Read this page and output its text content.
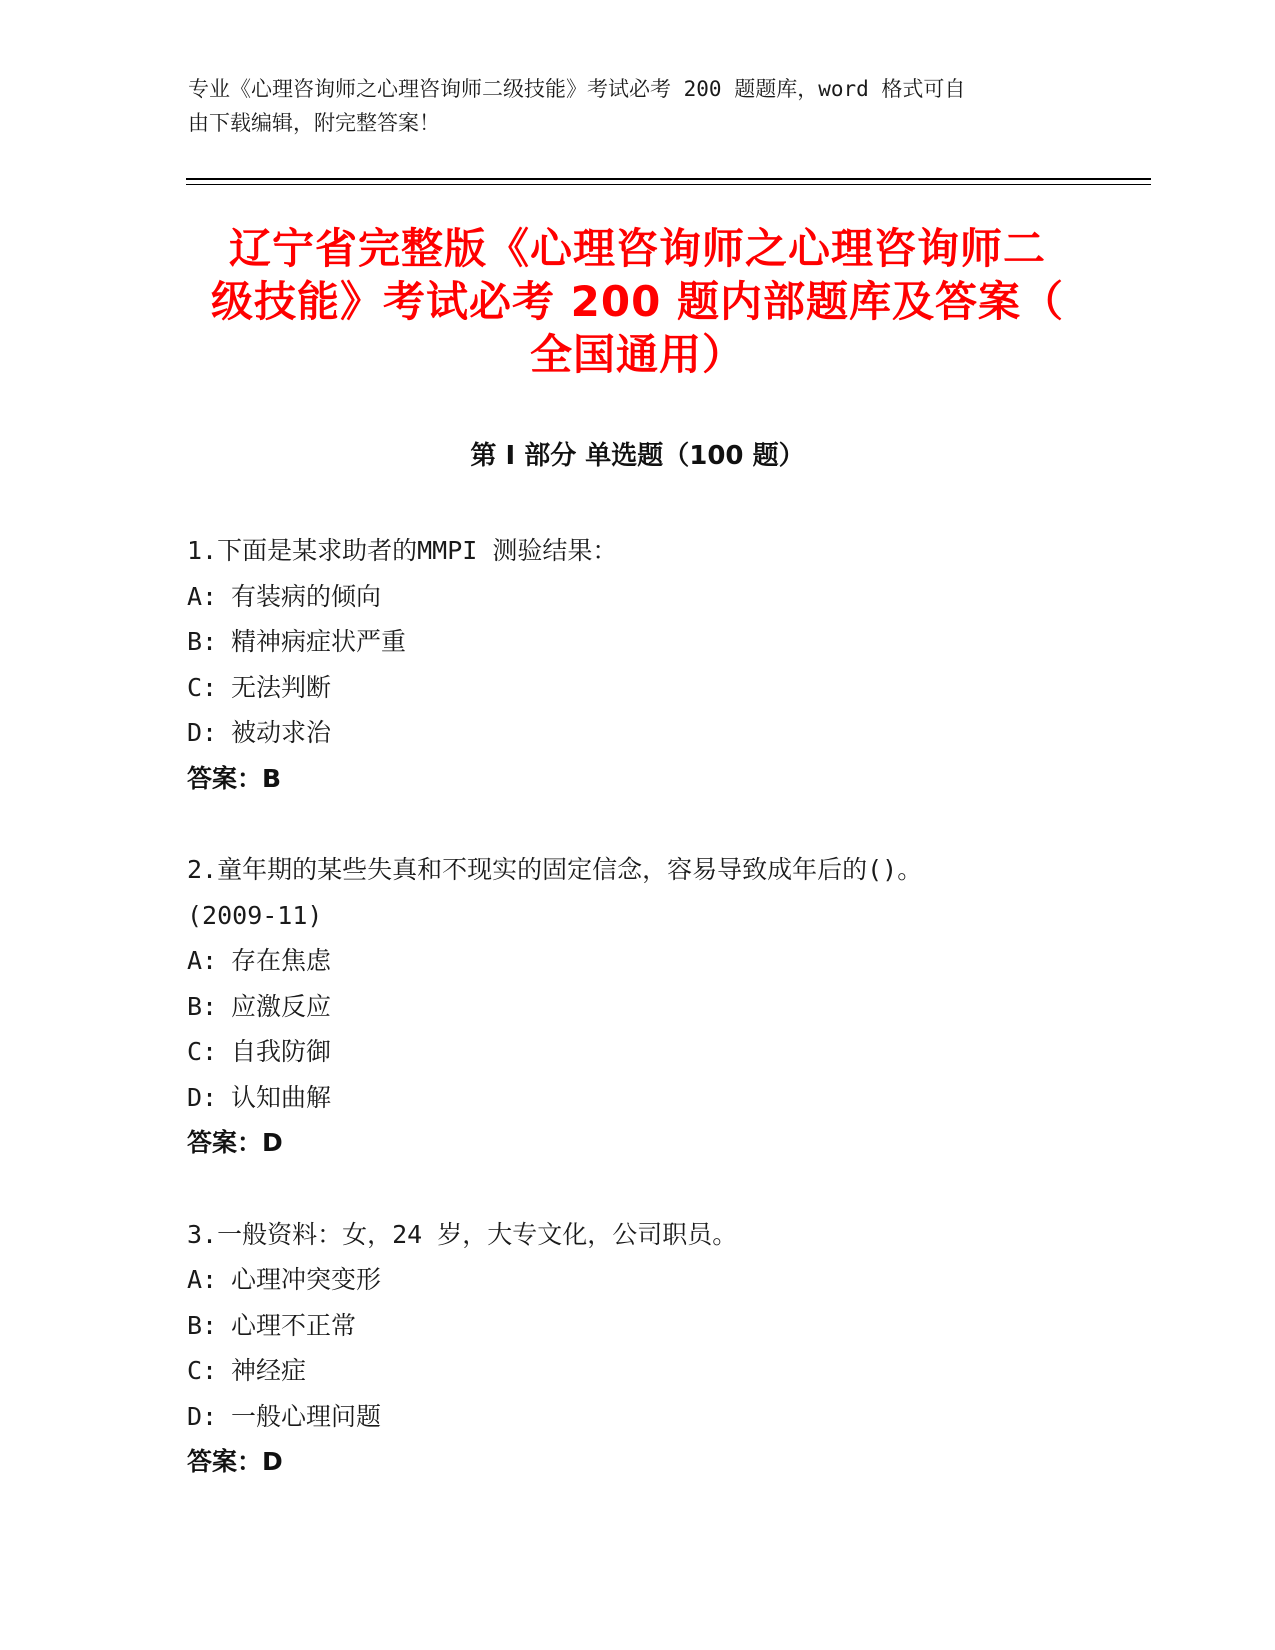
专业《心理咨询师之心理咨询师二级技能》考试必考 200 题题库，word 格式可自
由下载编辑，附完整答案！
辽宁省完整版《心理咨询师之心理咨询师二
级技能》考试必考 200 题内部题库及答案（
全国通用）
第 I 部分 单选题（100 题）
1.下面是某求助者的MMPI 测验结果：
A: 有装病的倾向
B: 精神病症状严重
C: 无法判断
D: 被动求治
答案：B
2.童年期的某些失真和不现实的固定信念，容易导致成年后的()。
(2009-11)
A: 存在焦虑
B: 应激反应
C: 自我防御
D: 认知曲解
答案：D
3.一般资料：女，24 岁，大专文化，公司职员。
A: 心理冲突变形
B: 心理不正常
C: 神经症
D: 一般心理问题
答案：D
